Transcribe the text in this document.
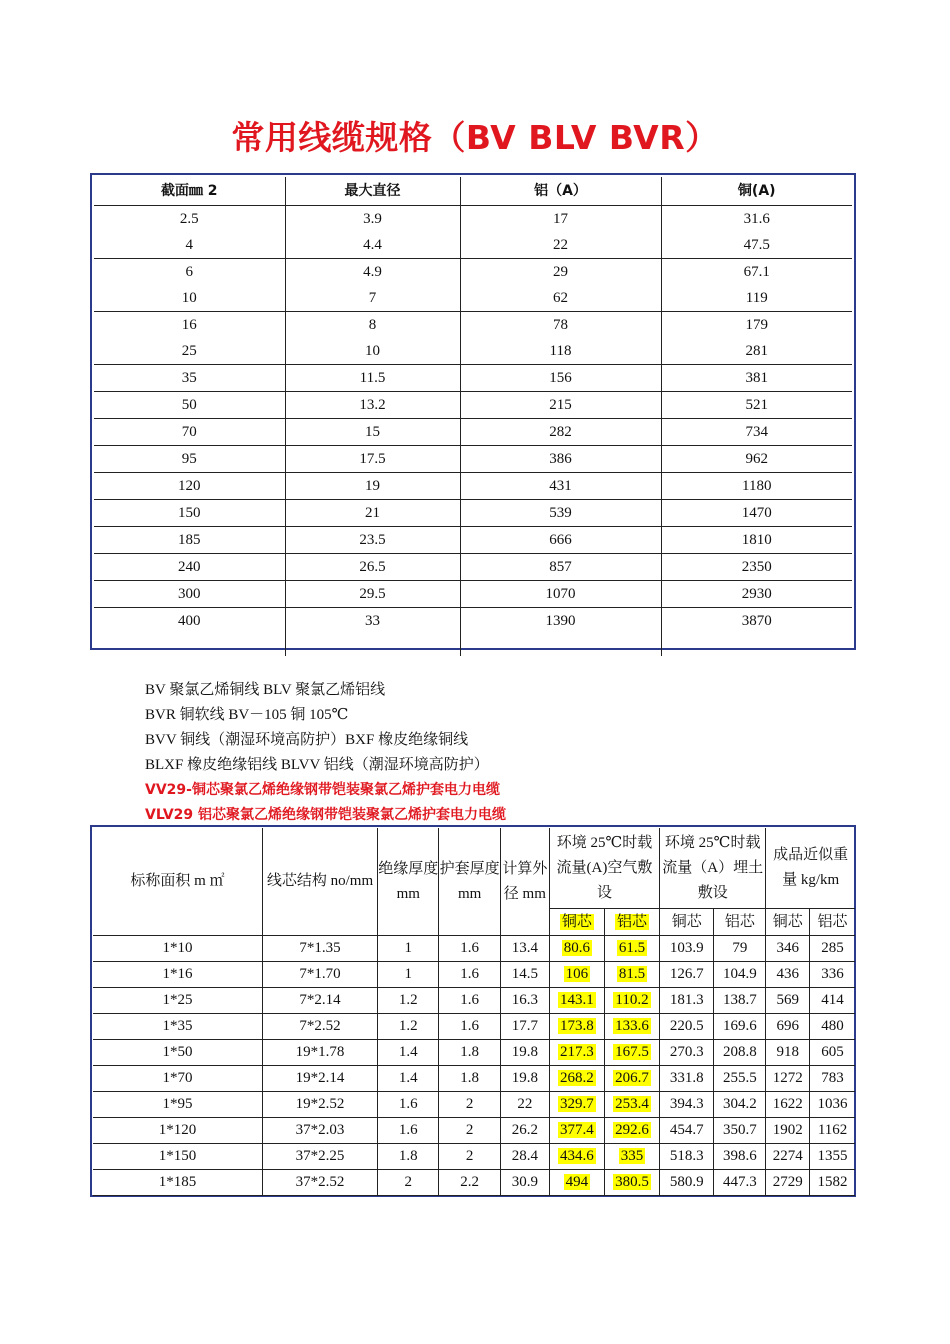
常用线缆规格（BV BLV BVR）
截面㎜ 2	最大直径	铝（A）	铜(A)
2.5	3.9	17	31.6
4	4.4	22	47.5
6	4.9	29	67.1
10	7	62	119
16	8	78	179
25	10	118	281
35	11.5	156	381
50	13.2	215	521
70	15	282	734
95	17.5	386	962
120	19	431	1180
150	21	539	1470
185	23.5	666	1810
240	26.5	857	2350
300	29.5	1070	2930
400	33	1390	3870
BV 聚氯乙烯铜线 BLV 聚氯乙烯铝线
BVR 铜软线 BV－105 铜 105℃
BVV 铜线（潮湿环境高防护）BXF 橡皮绝缘铜线
BLXF 橡皮绝缘铝线 BLVV 铝线（潮湿环境高防护）
VV29-铜芯聚氯乙烯绝缘钢带铠装聚氯乙烯护套电力电缆
VLV29 铝芯聚氯乙烯绝缘钢带铠装聚氯乙烯护套电力电缆
标称面积 m ㎡	线芯结构 no/mm	绝缘厚度 mm	护套厚度 mm	计算外径 mm	环境 25℃时载流量(A)空气敷设		环境 25℃时载流量（A）埋土敷设		成品近似重量 kg/km	
					铜芯	铝芯	铜芯	铝芯	铜芯	铝芯
1*10	7*1.35	1	1.6	13.4	80.6	61.5	103.9	79	346	285
1*16	7*1.70	1	1.6	14.5	106	81.5	126.7	104.9	436	336
1*25	7*2.14	1.2	1.6	16.3	143.1	110.2	181.3	138.7	569	414
1*35	7*2.52	1.2	1.6	17.7	173.8	133.6	220.5	169.6	696	480
1*50	19*1.78	1.4	1.8	19.8	217.3	167.5	270.3	208.8	918	605
1*70	19*2.14	1.4	1.8	19.8	268.2	206.7	331.8	255.5	1272	783
1*95	19*2.52	1.6	2	22	329.7	253.4	394.3	304.2	1622	1036
1*120	37*2.03	1.6	2	26.2	377.4	292.6	454.7	350.7	1902	1162
1*150	37*2.25	1.8	2	28.4	434.6	335	518.3	398.6	2274	1355
1*185	37*2.52	2	2.2	30.9	494	380.5	580.9	447.3	2729	1582
